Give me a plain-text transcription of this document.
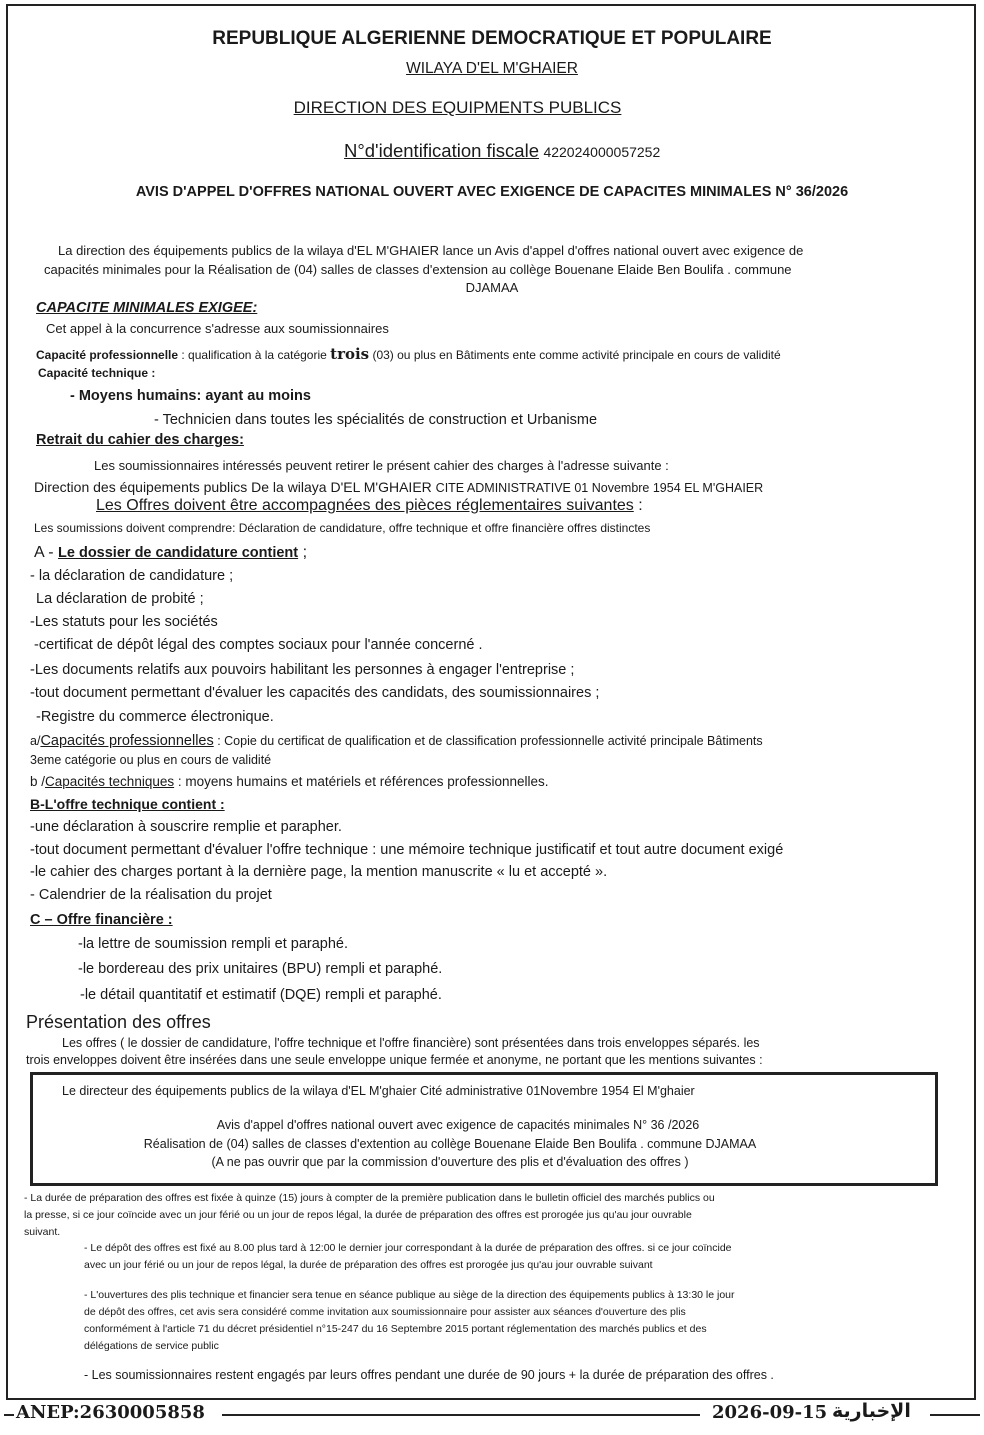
REPUBLIQUE ALGERIENNE DEMOCRATIQUE ET POPULAIRE
WILAYA D'EL M'GHAIER
DIRECTION DES EQUIPMENTS PUBLICS
N°d'identification fiscale 422024000057252
AVIS D'APPEL D'OFFRES NATIONAL OUVERT AVEC EXIGENCE DE CAPACITES MINIMALES N° 36/2026
La direction des équipements publics de la wilaya d'EL M'GHAIER lance un Avis d'appel d'offres national ouvert avec exigence de
capacités minimales pour la Réalisation de (04) salles de classes d'extension au collège Bouenane Elaide Ben Boulifa . commune
DJAMAA
CAPACITE MINIMALES EXIGEE:
Cet appel à la concurrence s'adresse aux soumissionnaires
Capacité professionnelle : qualification à la catégorie trois (03) ou plus en Bâtiments ente comme activité principale en cours de validité
Capacité technique :
- Moyens humains: ayant au moins
- Technicien dans toutes les spécialités de construction et Urbanisme
Retrait du cahier des charges:
Les soumissionnaires intéressés peuvent retirer le présent cahier des charges à l'adresse suivante :
Direction des équipements publics De la wilaya D'EL M'GHAIER CITE ADMINISTRATIVE 01 Novembre 1954 EL M'GHAIER
Les Offres doivent être accompagnées des pièces réglementaires suivantes :
Les soumissions doivent comprendre: Déclaration de candidature, offre technique et offre financière offres distinctes
A - Le dossier de candidature contient ;
- la déclaration de candidature ;
La déclaration de probité ;
-Les statuts pour les sociétés
-certificat de dépôt légal des comptes sociaux pour l'année concerné .
-Les documents relatifs aux pouvoirs habilitant les personnes à engager l'entreprise ;
-tout document permettant d'évaluer les capacités des candidats, des soumissionnaires ;
-Registre du commerce électronique.
a/Capacités professionnelles : Copie du certificat de qualification et de classification professionnelle activité principale Bâtiments
3eme catégorie ou plus en cours de validité
b /Capacités techniques : moyens humains et matériels et références professionnelles.
B-L'offre technique contient :
-une déclaration à souscrire remplie et parapher.
-tout document permettant d'évaluer l'offre technique : une mémoire technique justificatif et tout autre document exigé
-le cahier des charges portant à la dernière page, la mention manuscrite « lu et accepté ».
- Calendrier de la réalisation du projet
C – Offre financière :
-la lettre de soumission rempli et paraphé.
-le bordereau des prix unitaires (BPU) rempli et paraphé.
-le détail quantitatif et estimatif (DQE) rempli et paraphé.
Présentation des offres
Les offres ( le dossier de candidature, l'offre technique et l'offre financière) sont présentées dans trois enveloppes séparés. les
trois enveloppes doivent être insérées dans une seule enveloppe unique fermée et anonyme, ne portant que les mentions suivantes :
Le directeur des équipements publics de la wilaya d'EL M'ghaier Cité administrative 01Novembre 1954 El M'ghaier
Avis d'appel d'offres national ouvert avec exigence de capacités minimales N° 36 /2026
Réalisation de (04) salles de classes d'extention au collège Bouenane Elaide Ben Boulifa . commune DJAMAA
(A ne pas ouvrir que par la commission d'ouverture des plis et d'évaluation des offres )
- La durée de préparation des offres est fixée à quinze (15) jours à compter de la première publication dans le bulletin officiel des marchés publics ou
la presse, si ce jour coïncide avec un jour férié ou un jour de repos légal, la durée de préparation des offres est prorogée jus qu'au jour ouvrable
suivant.
- Le dépôt des offres est fixé au 8.00 plus tard à 12:00 le dernier jour correspondant à la durée de préparation des offres. si ce jour coïncide
avec un jour férié ou un jour de repos légal, la durée de préparation des offres est prorogée jus qu'au jour ouvrable suivant
- L'ouvertures des plis technique et financier sera tenue en séance publique au siège de la direction des équipements publics à 13:30 le jour
de dépôt des offres, cet avis sera considéré comme invitation aux soumissionnaire pour assister aux séances d'ouverture des plis
conformément à l'article 71 du décret présidentiel n°15-247 du 16 Septembre 2015 portant réglementation des marchés publics et des
délégations de service public
- Les soumissionnaires restent engagés par leurs offres pendant une durée de 90 jours + la durée de préparation des offres .
ANEP:2630005858	2026-09-15 الإخبارية
